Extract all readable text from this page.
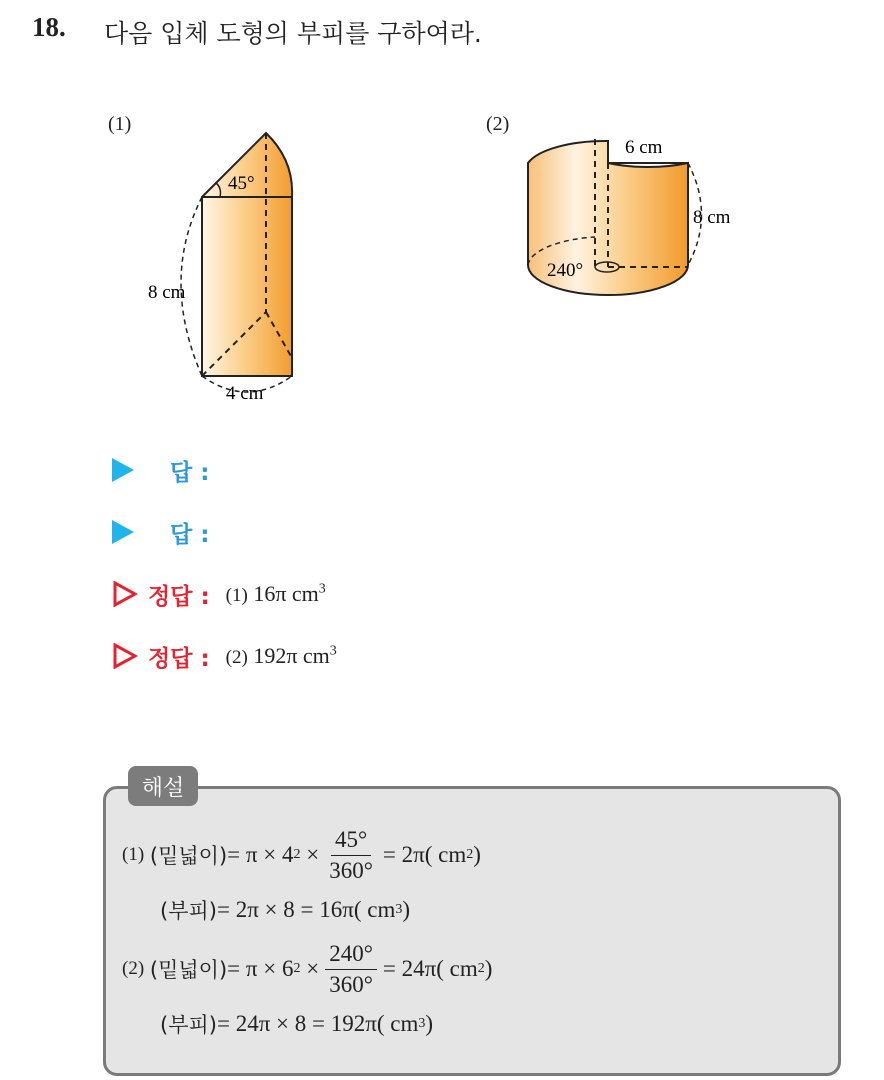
18. 다음 입체 도형의 부피를 구하여라.
(1)
45°
8 cm
4 cm
(2)
6 cm
8 cm
240°
답 :
답 :
정답 : (1) 16π $cm^3$
정답 : (2) 192π $cm^3$
해설
(1)
(밑넓이) = π × 4 2
× $\frac{45^\circ}{360^\circ} = 2\pi$( cm 2 )
(부피) = 2π × 8 = 16π( cm 3 )
(2)
(밑넓이) = π × 6 2
× $\frac{240^\circ}{360^\circ} = 24\pi$( cm 2 )
(부피) = 24π × 8 = 192π( cm 3 )
